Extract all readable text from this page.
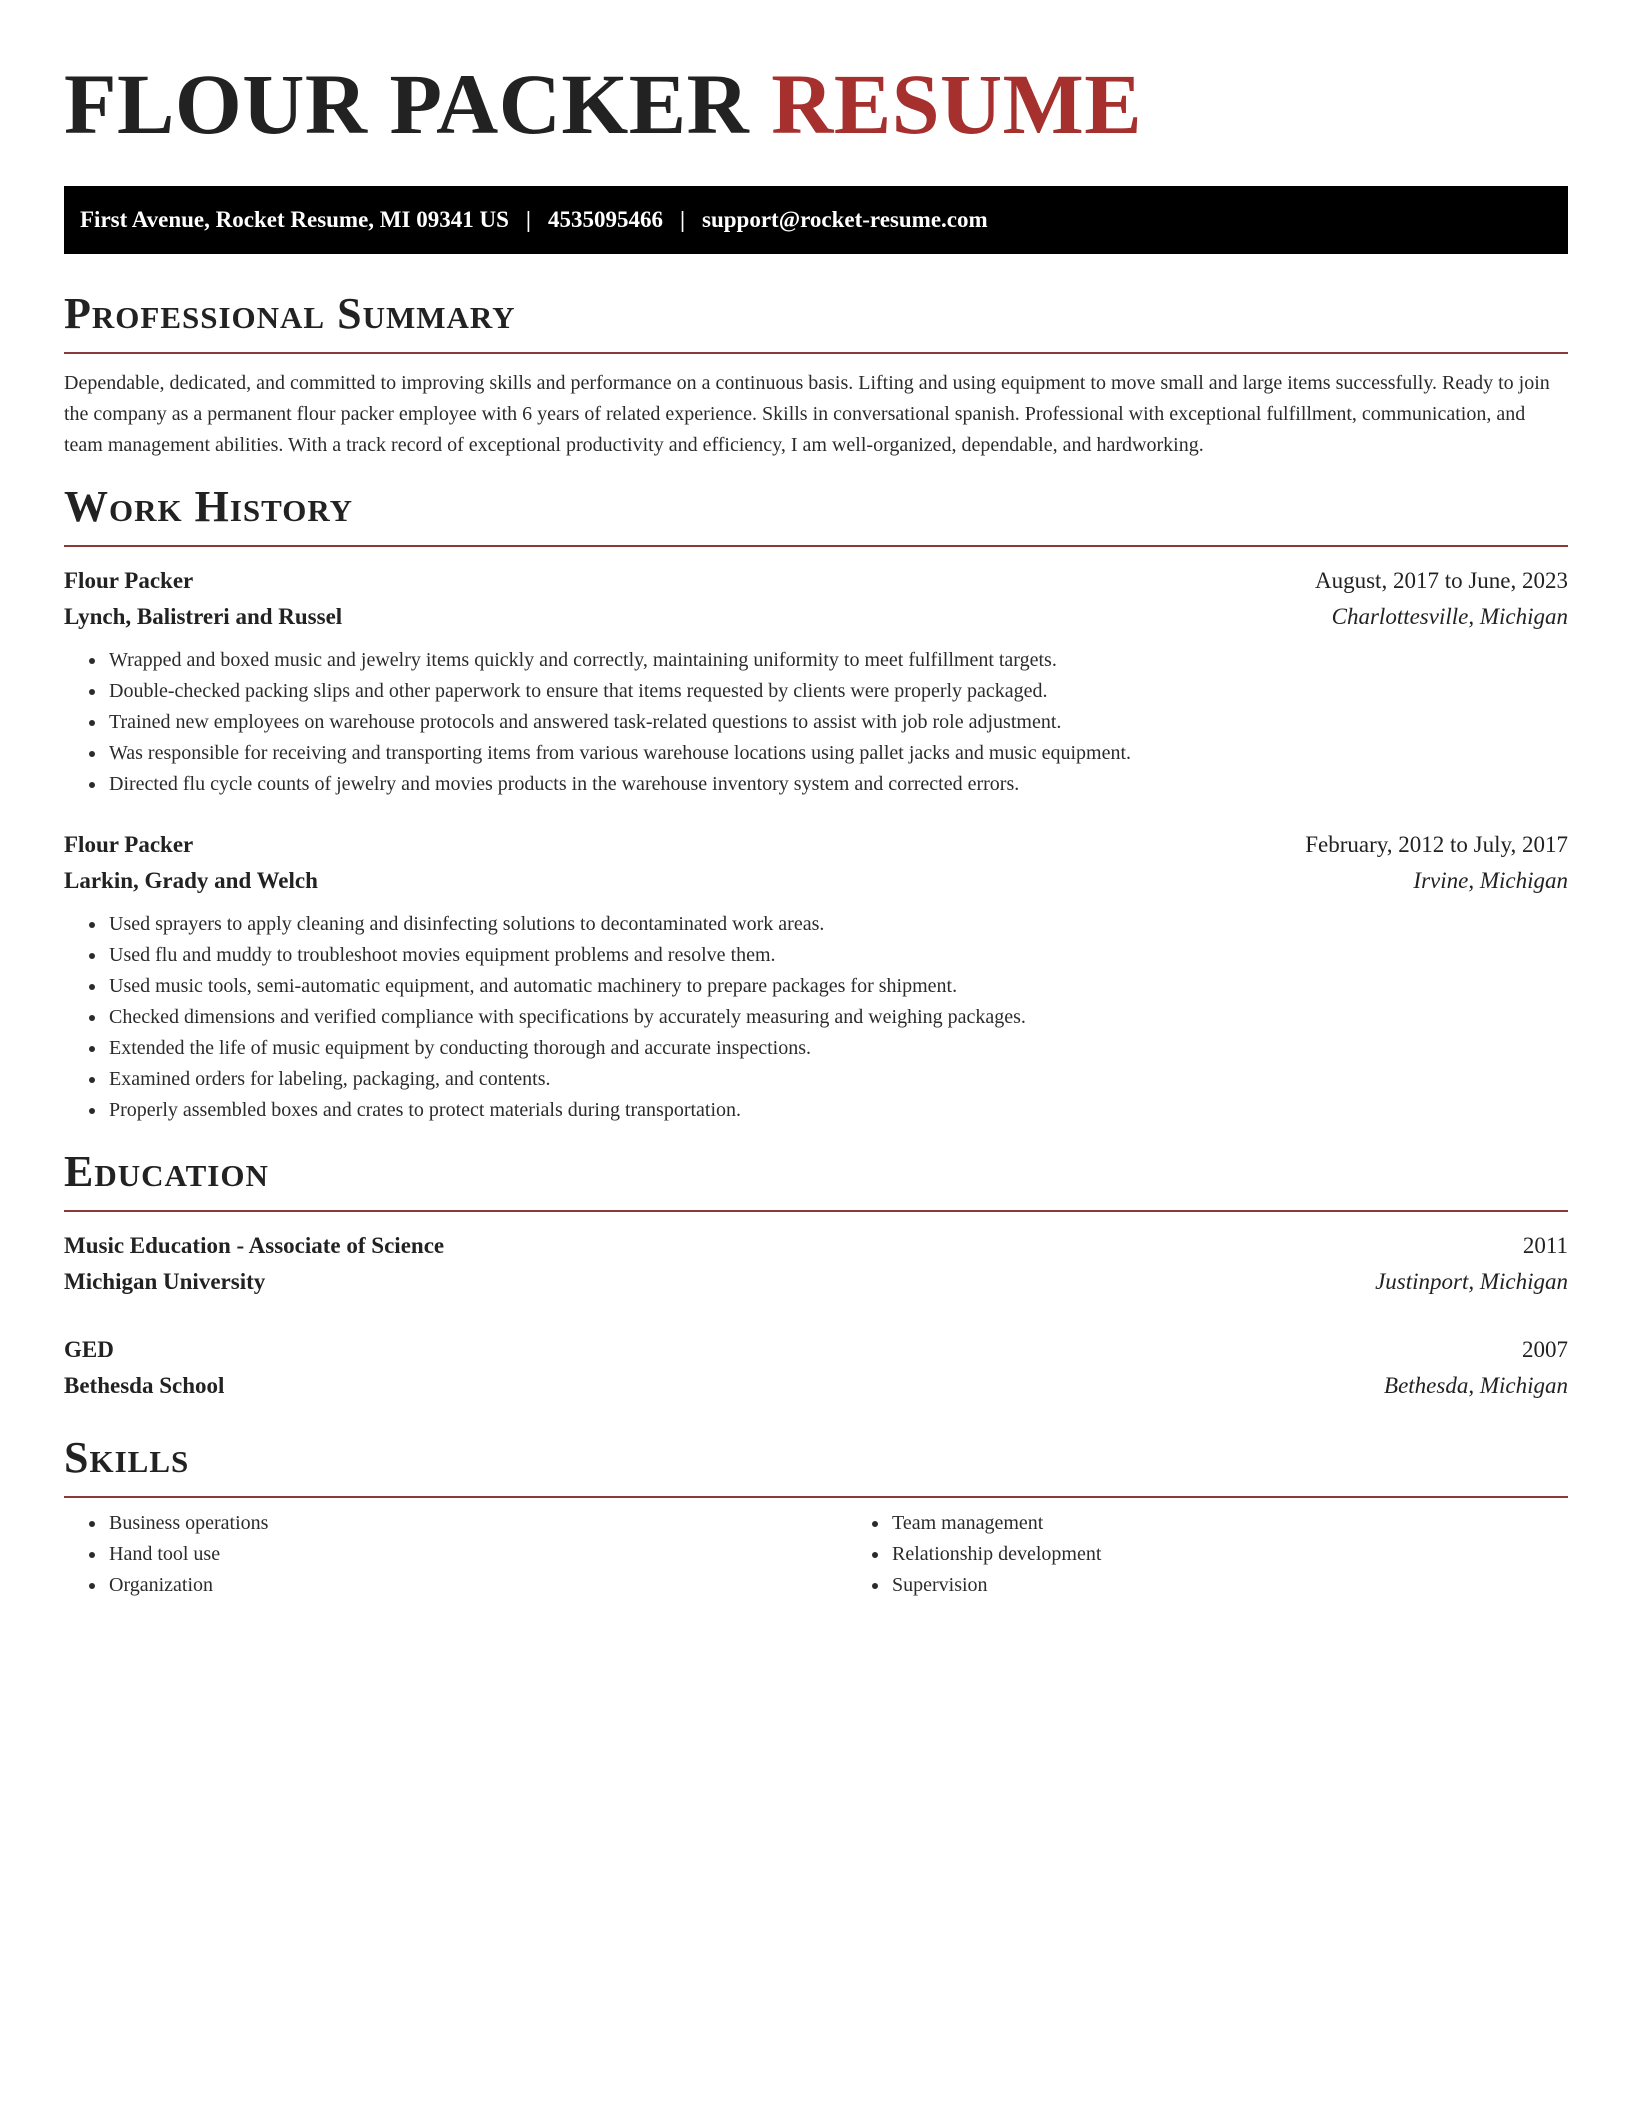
FLOUR PACKER RESUME
First Avenue, Rocket Resume, MI 09341 US | 4535095466 | support@rocket-resume.com
Professional Summary

Dependable, dedicated, and committed to improving skills and performance on a continuous basis. Lifting and using equipment to move small and large items successfully. Ready to join the company as a permanent flour packer employee with 6 years of related experience. Skills in conversational spanish. Professional with exceptional fulfillment, communication, and team management abilities. With a track record of exceptional productivity and efficiency, I am well-organized, dependable, and hardworking.

Work History
Flour Packer	August, 2017 to June, 2023
Lynch, Balistreri and Russel	Charlottesville, Michigan
• Wrapped and boxed music and jewelry items quickly and correctly, maintaining uniformity to meet fulfillment targets.
• Double-checked packing slips and other paperwork to ensure that items requested by clients were properly packaged.
• Trained new employees on warehouse protocols and answered task-related questions to assist with job role adjustment.
• Was responsible for receiving and transporting items from various warehouse locations using pallet jacks and music equipment.
• Directed flu cycle counts of jewelry and movies products in the warehouse inventory system and corrected errors.
Flour Packer	February, 2012 to July, 2017
Larkin, Grady and Welch	Irvine, Michigan
• Used sprayers to apply cleaning and disinfecting solutions to decontaminated work areas.
• Used flu and muddy to troubleshoot movies equipment problems and resolve them.
• Used music tools, semi-automatic equipment, and automatic machinery to prepare packages for shipment.
• Checked dimensions and verified compliance with specifications by accurately measuring and weighing packages.
• Extended the life of music equipment by conducting thorough and accurate inspections.
• Examined orders for labeling, packaging, and contents.
• Properly assembled boxes and crates to protect materials during transportation.
Education
Music Education - Associate of Science	2011
Michigan University	Justinport, Michigan
GED	2007
Bethesda School	Bethesda, Michigan
Skills
• Business operations
• Hand tool use
• Organization
• Team management
• Relationship development
• Supervision
